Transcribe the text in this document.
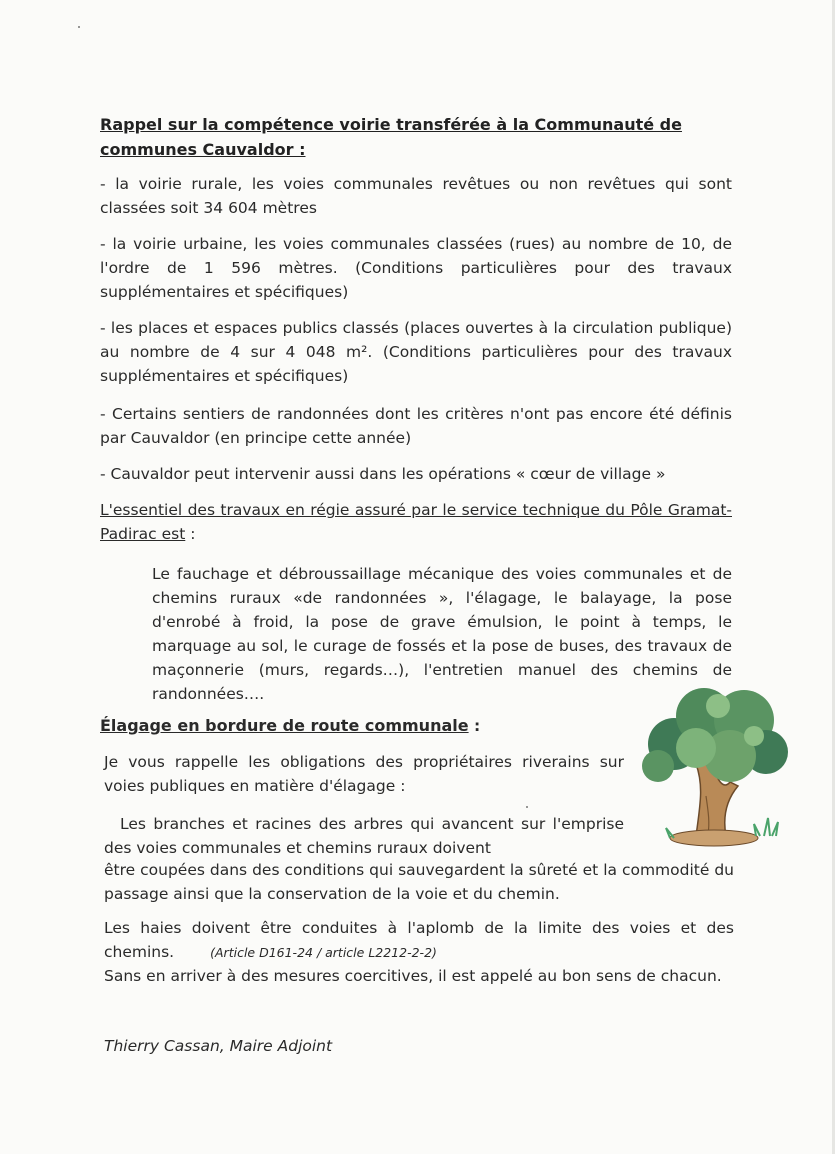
Rappel sur la compétence voirie transférée à la Communauté de communes Cauvaldor :
- la voirie rurale, les voies communales revêtues ou non revêtues qui sont classées soit 34 604 mètres
- la voirie urbaine, les voies communales classées (rues) au nombre de 10, de l'ordre de 1 596 mètres. (Conditions particulières pour des travaux supplémentaires et spécifiques)
- les places et espaces publics classés (places ouvertes à la circulation publique) au nombre de 4 sur 4 048 m². (Conditions particulières pour des travaux supplémentaires et spécifiques)
- Certains sentiers de randonnées dont les critères n'ont pas encore été définis par Cauvaldor (en principe cette année)
- Cauvaldor peut intervenir aussi dans les opérations « cœur de village »
L'essentiel des travaux en régie assuré par le service technique du Pôle Gramat-Padirac est :
Le fauchage et débroussaillage mécanique des voies communales et de chemins ruraux «de randonnées », l'élagage, le balayage, la pose d'enrobé à froid, la pose de grave émulsion, le point à temps, le marquage au sol, le curage de fossés et la pose de buses, des travaux de maçonnerie (murs, regards…), l'entretien manuel des chemins de randonnées….
Élagage en bordure de route communale :
Je vous rappelle les obligations des propriétaires riverains sur voies publiques en matière d'élagage :
Les branches et racines des arbres qui avancent sur l'emprise des voies communales et chemins ruraux doivent
être coupées dans des conditions qui sauvegardent la sûreté et la commodité du passage ainsi que la conservation de la voie et du chemin.
Les haies doivent être conduites à l'aplomb de la limite des voies et des chemins.	(Article D161-24 / article L2212-2-2)
Sans en arriver à des mesures coercitives, il est appelé au bon sens de chacun.
Thierry Cassan, Maire Adjoint
